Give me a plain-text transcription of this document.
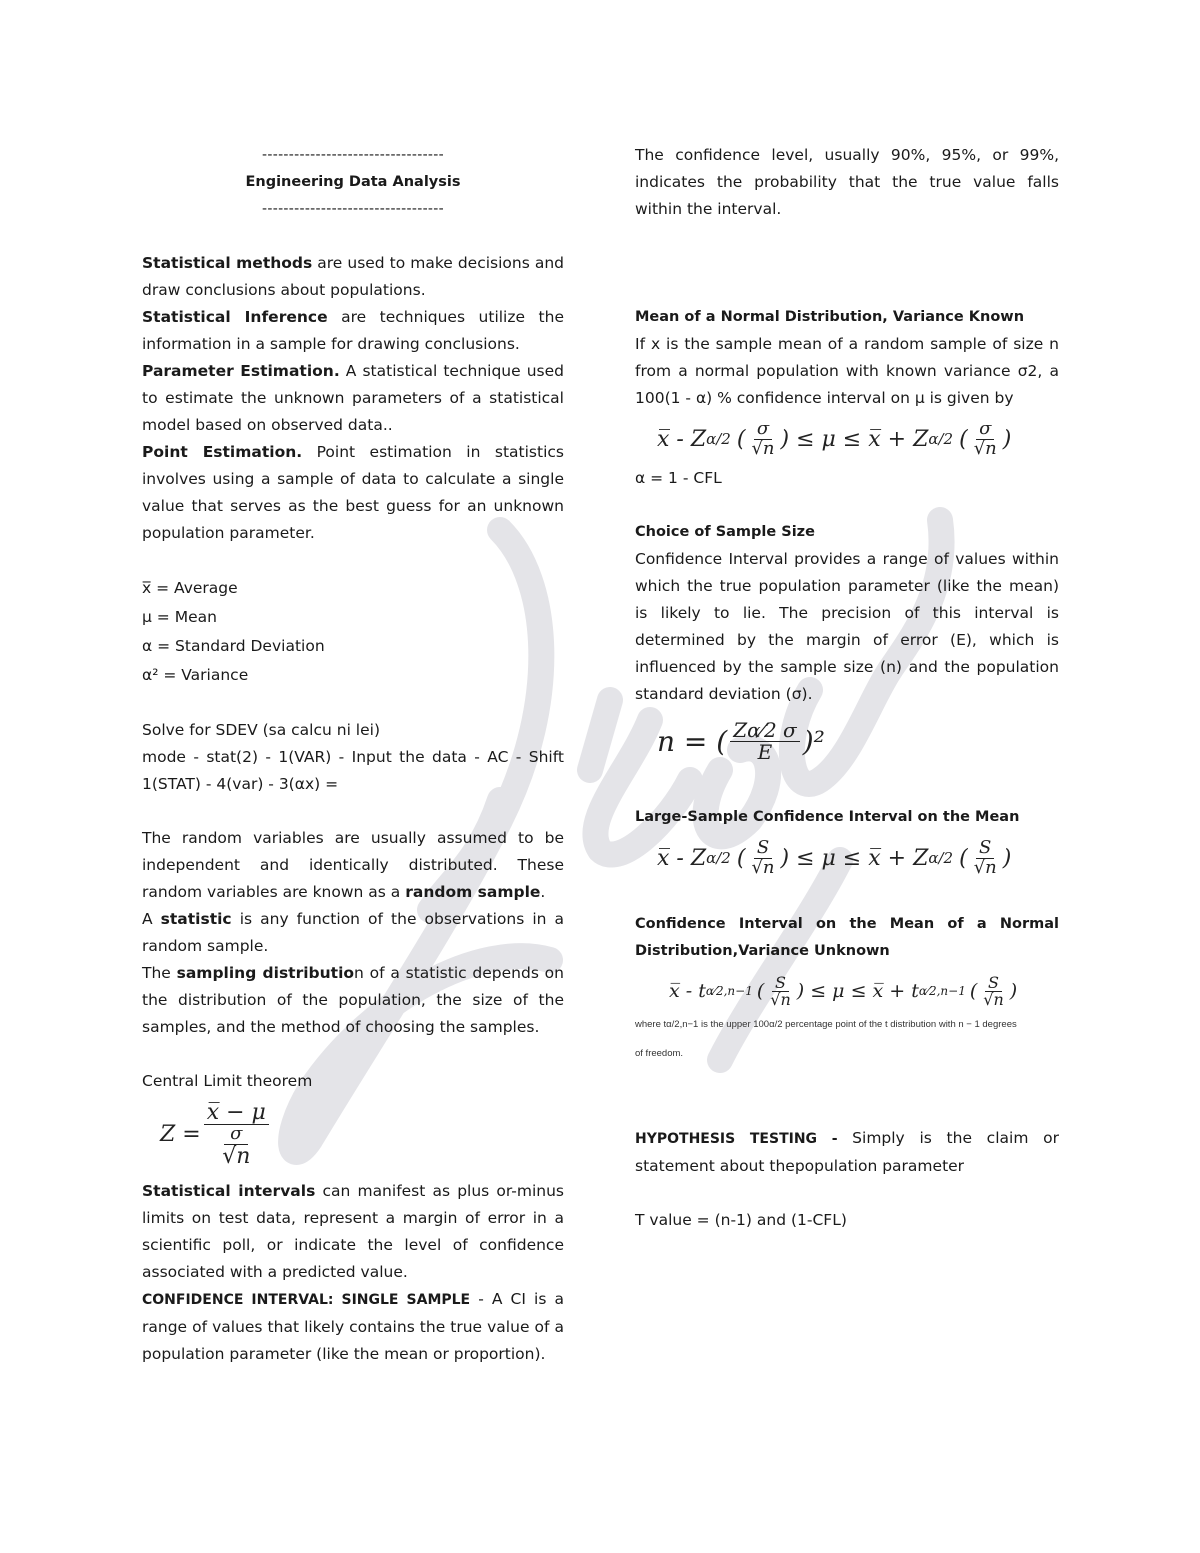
----------------------------------

Engineering Data Analysis

----------------------------------

Statistical methods are used to make decisions and draw conclusions about populations.

Statistical Inference are techniques utilize the information in a sample for drawing conclusions.

Parameter Estimation. A statistical technique used to estimate the unknown parameters of a statistical model based on observed data..

Point Estimation. Point estimation in statistics involves using a sample of data to calculate a single value that serves as the best guess for an unknown population parameter.

x̅ = Average

μ = Mean

α = Standard Deviation

α² = Variance

Solve for SDEV (sa calcu ni lei)

mode - stat(2) - 1(VAR) - Input the data - AC - Shift 1(STAT) - 4(var) - 3(αx) =

The random variables are usually assumed to be independent and identically distributed. These random variables are known as a random sample.

A statistic is any function of the observations in a random sample.

The sampling distribution of a statistic depends on the distribution of the population, the size of the samples, and the method of choosing the samples.

Central Limit theorem

Z = x̅ − μ
σ
√n

Statistical intervals can manifest as plus or-minus limits on test data, represent a margin of error in a scientific poll, or indicate the level of confidence associated with a predicted value.

CONFIDENCE INTERVAL: SINGLE SAMPLE - A CI is a range of values that likely contains the true value of a population parameter (like the mean or proportion).

The confidence level, usually 90%, 95%, or 99%, indicates the probability that the true value falls within the interval.

Mean of a Normal Distribution, Variance Known

If x is the sample mean of a random sample of size n from a normal population with known variance σ2, a 100(1 - α) % confidence interval on μ is given by

x̅ - Z α/2 ( $\frac{\sigma}{√n}$ ) ≤ μ ≤ x̅ + Z α/2 ( $\frac{\sigma}{√n}$ )

α = 1 - CFL

Choice of Sample Size

Confidence Interval provides a range of values within which the true population parameter (like the mean) is likely to lie. The precision of this interval is determined by the margin of error (E), which is influenced by the sample size (n) and the population standard deviation (σ).

n = ( $\frac{Z\alpha⁄2 \sigma}{E} )^2$

Large-Sample Confidence Interval on the Mean

x̅ - Z α/2 ( $\frac{S}{√n}$ ) ≤ μ ≤ x̅ + Z α/2 ( $\frac{S}{√n}$ )

Confidence Interval on the Mean of a Normal Distribution,Variance Unknown

x̅ - t α⁄2,n−1 ( $\frac{S}{√n}$ ) ≤ μ ≤ x̅ + t α⁄2,n−1 ( $\frac{S}{√n}$ )

where tα/2,n−1 is the upper 100α/2 percentage point of the t distribution with n − 1 degrees

of freedom.

HYPOTHESIS TESTING - Simply is the claim or statement about thepopulation parameter

T value = (n-1) and (1-CFL)
